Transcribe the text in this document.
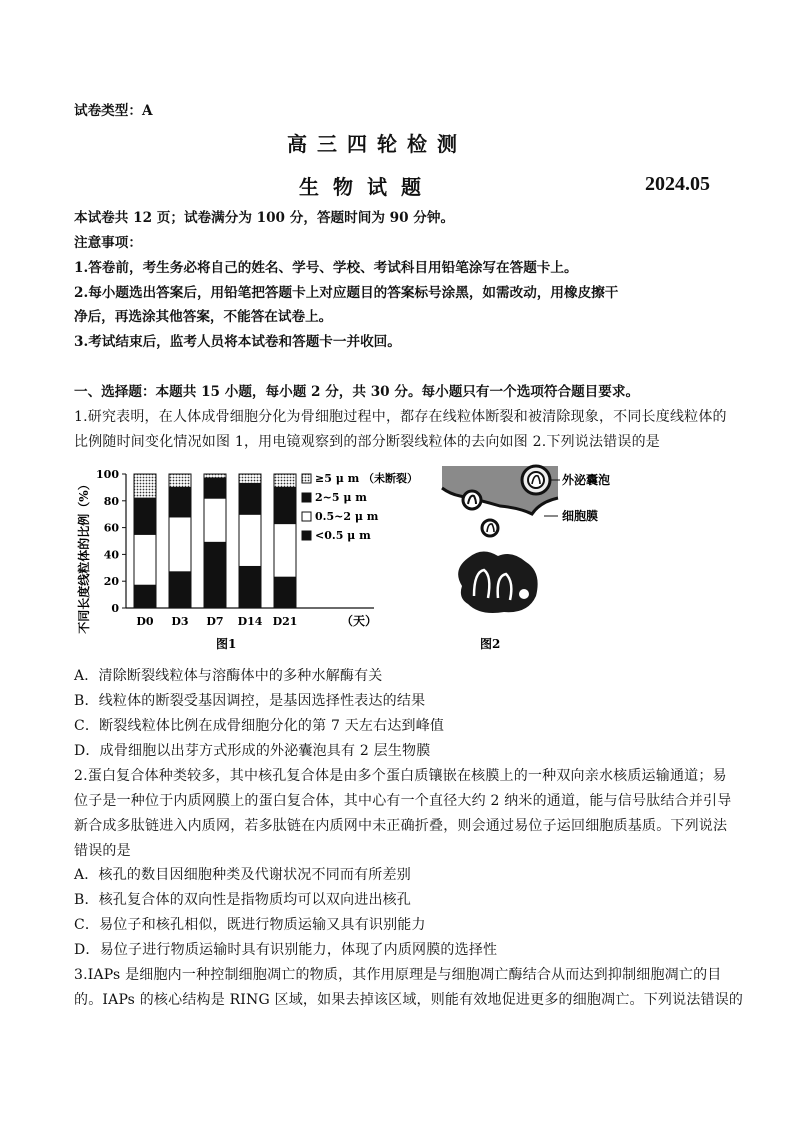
试卷类型：A
高三四轮检测
生物试题	2024.05
本试卷共 12 页；试卷满分为 100 分，答题时间为 90 分钟。
注意事项：
1.答卷前，考生务必将自己的姓名、学号、学校、考试科目用铅笔涂写在答题卡上。
2.每小题选出答案后，用铅笔把答题卡上对应题目的答案标号涂黑，如需改动，用橡皮擦干
净后，再选涂其他答案，不能答在试卷上。
3.考试结束后，监考人员将本试卷和答题卡一并收回。
一、选择题：本题共 15 小题，每小题 2 分，共 30 分。每小题只有一个选项符合题目要求。
1.研究表明，在人体成骨细胞分化为骨细胞过程中，都存在线粒体断裂和被清除现象，不同长度线粒体的
比例随时间变化情况如图 1，用电镜观察到的部分断裂线粒体的去向如图 2.下列说法错误的是
不同长度线粒体的比例（%） 0
20
40
60
80
100
D0 D3 D7 D14 D21	（天）
≥5 μ m （未断裂）
2~5 μ m
0.5~2 μ m
<0.5 μ m
图1
外泌囊泡
细胞膜
图2
A．清除断裂线粒体与溶酶体中的多种水解酶有关
B．线粒体的断裂受基因调控，是基因选择性表达的结果
C．断裂线粒体比例在成骨细胞分化的第 7 天左右达到峰值
D．成骨细胞以出芽方式形成的外泌囊泡具有 2 层生物膜
2.蛋白复合体种类较多，其中核孔复合体是由多个蛋白质镶嵌在核膜上的一种双向亲水核质运输通道；易
位子是一种位于内质网膜上的蛋白复合体，其中心有一个直径大约 2 纳米的通道，能与信号肽结合并引导
新合成多肽链进入内质网，若多肽链在内质网中未正确折叠，则会通过易位子运回细胞质基质。下列说法
错误的是
A．核孔的数目因细胞种类及代谢状况不同而有所差别
B．核孔复合体的双向性是指物质均可以双向进出核孔
C．易位子和核孔相似，既进行物质运输又具有识别能力
D．易位子进行物质运输时具有识别能力，体现了内质网膜的选择性
3.IAPs 是细胞内一种控制细胞凋亡的物质，其作用原理是与细胞凋亡酶结合从而达到抑制细胞凋亡的目
的。IAPs 的核心结构是 RING 区域，如果去掉该区域，则能有效地促进更多的细胞凋亡。下列说法错误的
